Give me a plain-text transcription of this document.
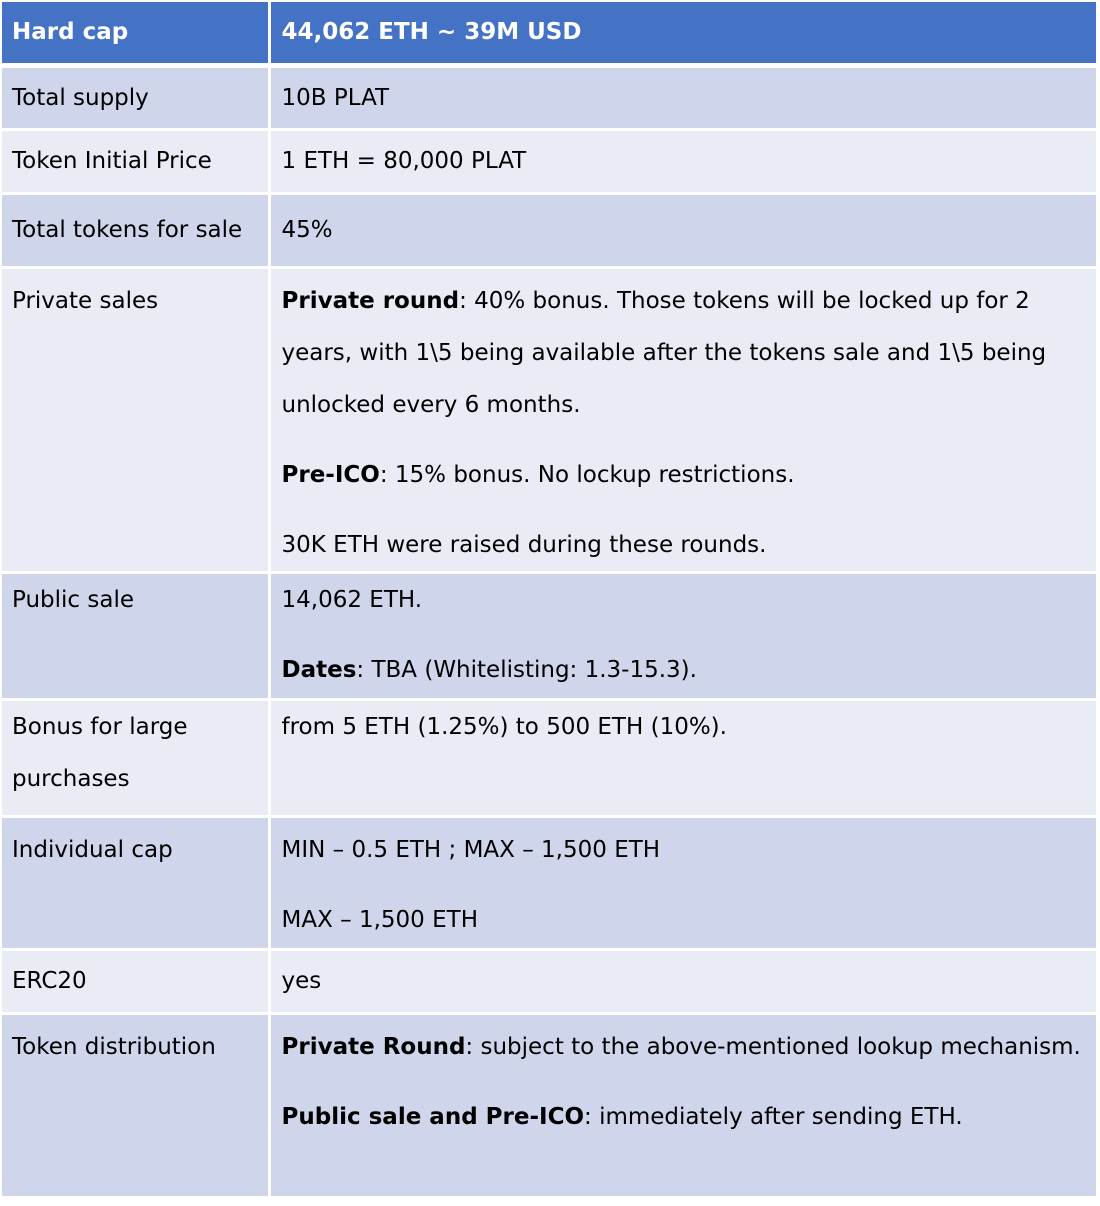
Hard cap	44,062 ETH ~ 39M USD
Total supply	10B PLAT
Token Initial Price	1 ETH = 80,000 PLAT
Total tokens for sale	45%
Private sales	Private round: 40% bonus. Those tokens will be locked up for 2 years, with 1\5 being available after the tokens sale and 1\5 being unlocked every 6 months.

Pre-ICO: 15% bonus. No lockup restrictions.

30K ETH were raised during these rounds.

Public sale	14,062 ETH.

Dates: TBA (Whitelisting: 1.3-15.3).

Bonus for large purchases	from 5 ETH (1.25%) to 500 ETH (10%).
Individual cap	MIN – 0.5 ETH ; MAX – 1,500 ETH

MAX – 1,500 ETH

ERC20	yes
Token distribution	Private Round: subject to the above-mentioned lookup mechanism.

Public sale and Pre-ICO: immediately after sending ETH.
